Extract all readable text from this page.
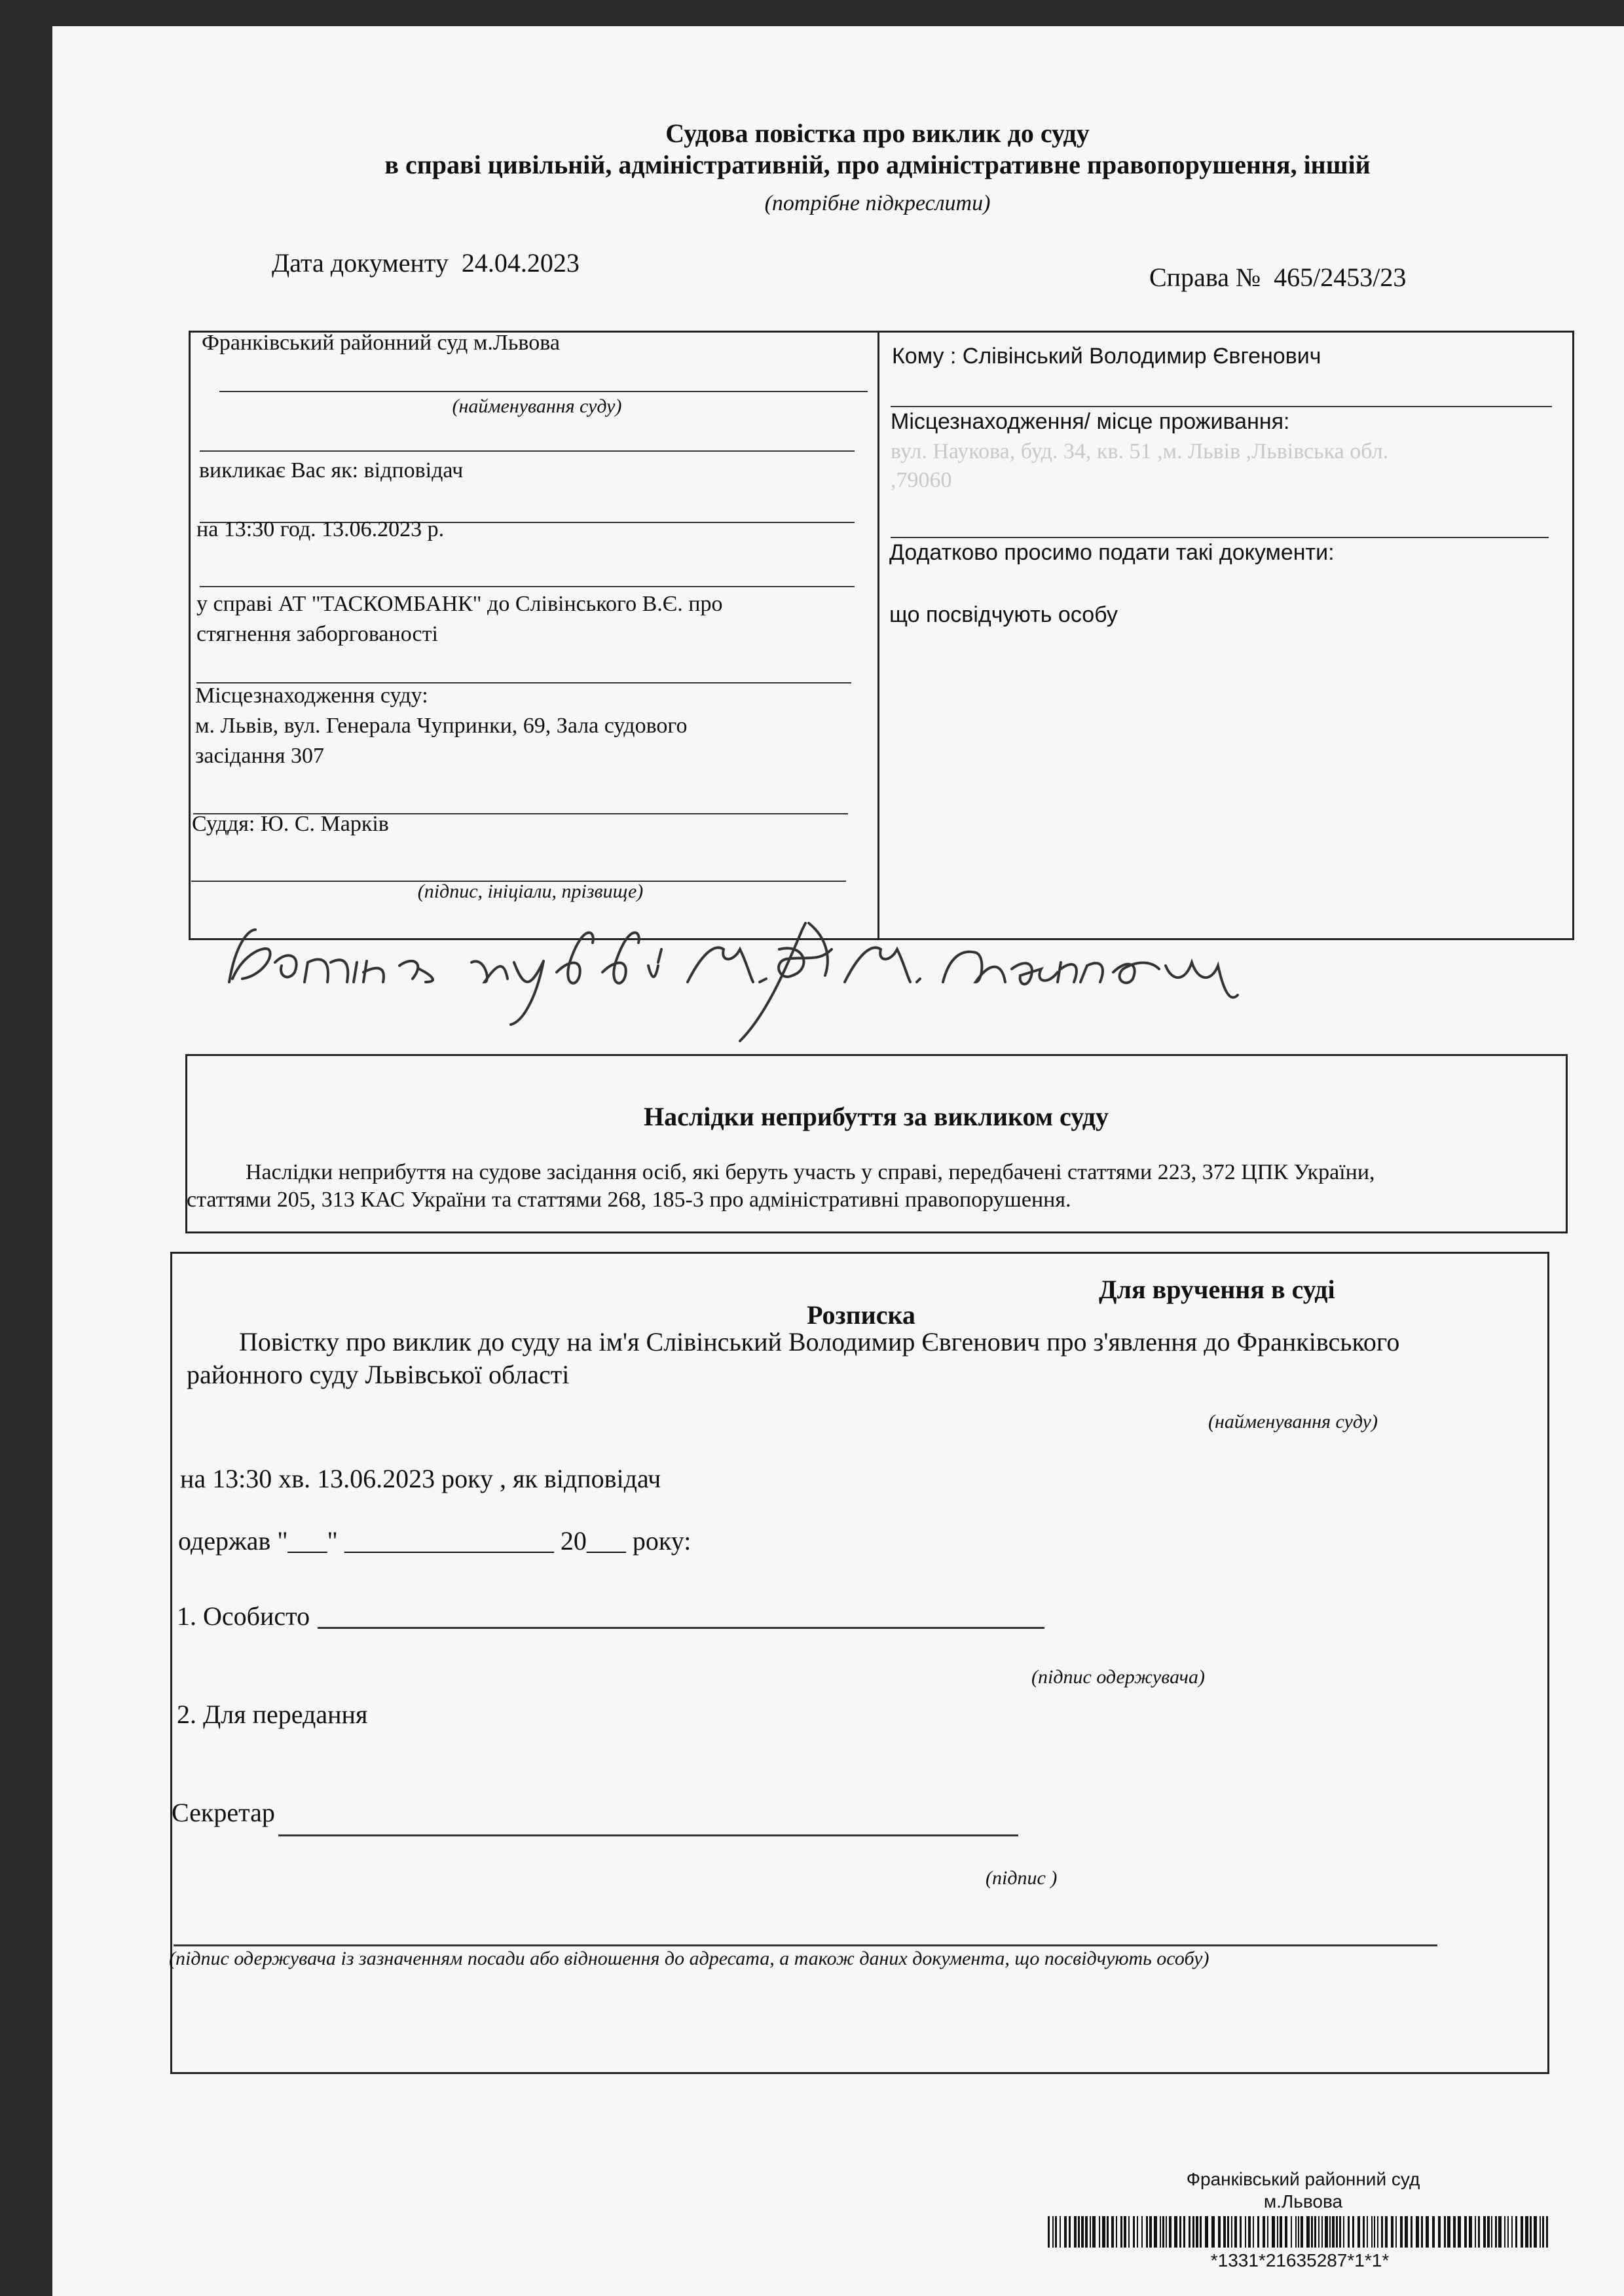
Судова повістка про виклик до суду
в справі цивільній, адміністративній, про адміністративне правопорушення, іншій
(потрібне підкреслити)
Дата документу 24.04.2023	Справа № 465/2453/23
Франківський районний суд м.Львова
(найменування суду)
викликає Вас як: відповідач
на 13:30 год. 13.06.2023 р.
у справі АТ "ТАСКОМБАНК" до Слівінського В.Є. про
стягнення заборгованості
Місцезнаходження суду:
м. Львів, вул. Генерала Чупринки, 69, Зала судового
засідання 307
Суддя: Ю. С. Марків
(підпис, ініціали, прізвище)
Кому : Слівінський Володимир Євгенович
Місцезнаходження/ місце проживання:
вул. Наукова, буд. 34, кв. 51 ,м. Львів ,Львівська обл.
,79060
Додатково просимо подати такі документи:
що посвідчують особу
Наслідки неприбуття за викликом суду
Наслідки неприбуття на судове засідання осіб, які беруть участь у справі, передбачені статтями 223, 372 ЦПК України,
статтями 205, 313 КАС України та статтями 268, 185-3 про адміністративні правопорушення.
Для вручення в суді
Розписка
Повістку про виклик до суду на ім'я Слівінський Володимир Євгенович про з'явлення до Франківського
районного суду Львівської області
(найменування суду)
на 13:30 хв. 13.06.2023 року , як відповідач
одержав "___" ________________ 20___ року:
1. Особисто
(підпис одержувача)
2. Для передання
Секретар
(підпис )
(підпис одержувача із зазначенням посади або відношення до адресата, а також даних документа, що посвідчують особу)
Франківський районний суд
м.Львова
*1331*21635287*1*1*
